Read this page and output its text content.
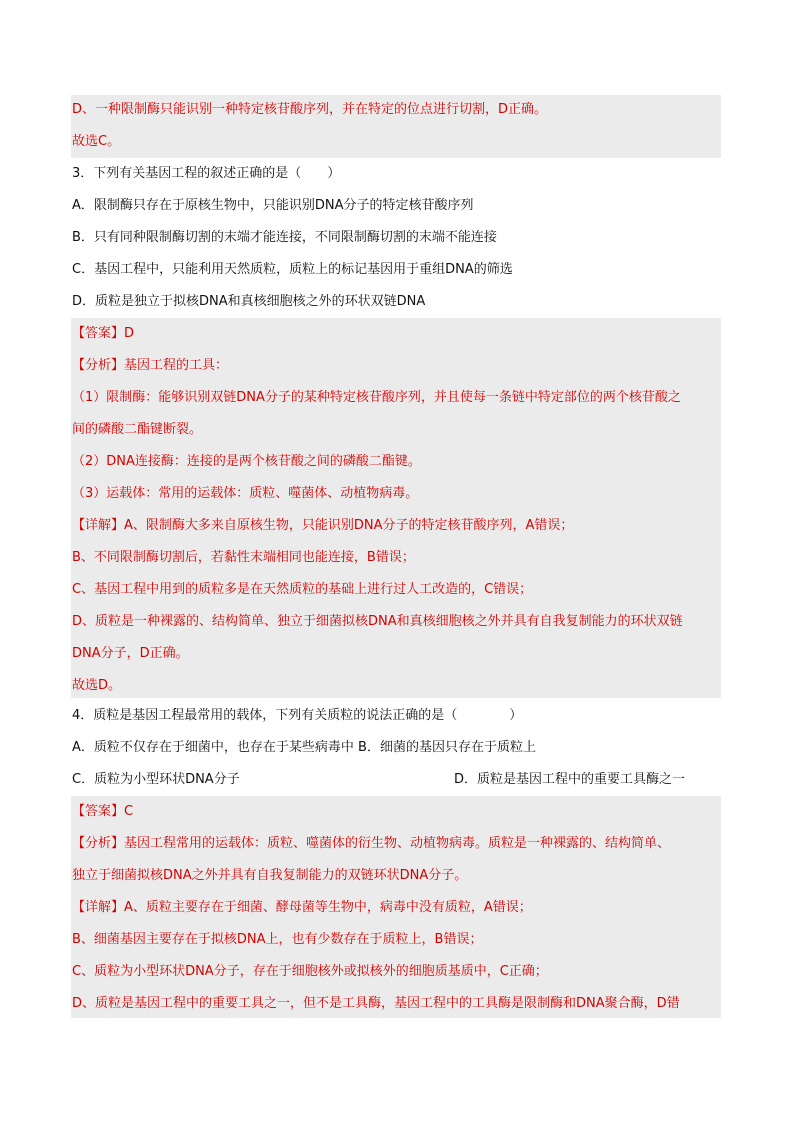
D、一种限制酶只能识别一种特定核苷酸序列，并在特定的位点进行切割，D正确。
故选C。
3．下列有关基因工程的叙述正确的是（　　）
A．限制酶只存在于原核生物中，只能识别DNA分子的特定核苷酸序列
B．只有同种限制酶切割的末端才能连接，不同限制酶切割的末端不能连接
C．基因工程中，只能利用天然质粒，质粒上的标记基因用于重组DNA的筛选
D．质粒是独立于拟核DNA和真核细胞核之外的环状双链DNA
【答案】D
【分析】基因工程的工具：
（1）限制酶：能够识别双链DNA分子的某种特定核苷酸序列，并且使每一条链中特定部位的两个核苷酸之
间的磷酸二酯键断裂。
（2）DNA连接酶：连接的是两个核苷酸之间的磷酸二酯键。
（3）运载体：常用的运载体：质粒、噬菌体、动植物病毒。
【详解】A、限制酶大多来自原核生物，只能识别DNA分子的特定核苷酸序列，A错误；
B、不同限制酶切割后，若黏性末端相同也能连接，B错误；
C、基因工程中用到的质粒多是在天然质粒的基础上进行过人工改造的，C错误；
D、质粒是一种裸露的、结构简单、独立于细菌拟核DNA和真核细胞核之外并具有自我复制能力的环状双链
DNA分子，D正确。
故选D。
4．质粒是基因工程最常用的载体，下列有关质粒的说法正确的是（　　　　）
A．质粒不仅存在于细菌中，也存在于某些病毒中 B．细菌的基因只存在于质粒上
C．质粒为小型环状DNA分子	D．质粒是基因工程中的重要工具酶之一
【答案】C
【分析】基因工程常用的运载体：质粒、噬菌体的衍生物、动植物病毒。质粒是一种裸露的、结构简单、
独立于细菌拟核DNA之外并具有自我复制能力的双链环状DNA分子。
【详解】A、质粒主要存在于细菌、酵母菌等生物中，病毒中没有质粒，A错误；
B、细菌基因主要存在于拟核DNA上，也有少数存在于质粒上，B错误；
C、质粒为小型环状DNA分子，存在于细胞核外或拟核外的细胞质基质中，C正确；
D、质粒是基因工程中的重要工具之一，但不是工具酶，基因工程中的工具酶是限制酶和DNA聚合酶，D错
